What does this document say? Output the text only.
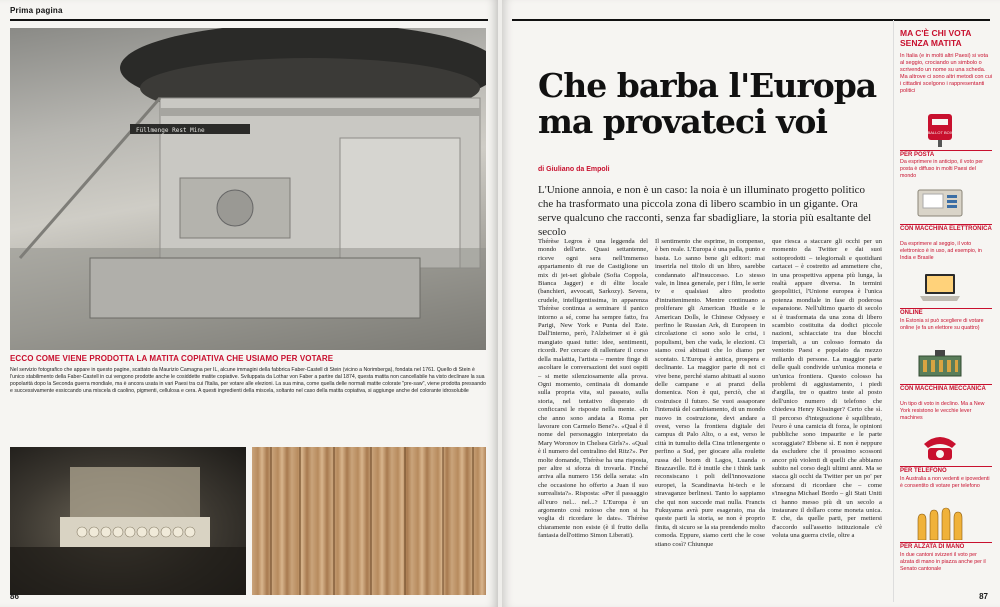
Prima pagina
Füllmenge Rest Mine
ECCO COME VIENE PRODOTTA LA MATITA COPIATIVA CHE USIAMO PER VOTARE
Nel servizio fotografico che appare in questo pagine, scattato da Maurizio Camagna per IL, alcune immagini della fabbrica Faber-Castell di Stein (vicino a Norimberga), fondata nel 1761. Quello di Stein è l'unico stabilimento della Faber-Castell in cui vengono prodotte anche le cosiddette matite copiative. Sviluppata da Lothar von Faber a partire dal 1874, questa matita non cancellabile ha visto declinare la sua popolarità dopo la Seconda guerra mondiale, ma è ancora usata in vari Paesi tra cui l'Italia, per votare alle elezioni. La sua mina, come quella delle normali matite colorate "pre-saw", viene prodotta pressando e successivamente essiccando una miscela di caolino, pigmenti, cellulosa e cera. A questi ingredienti della miscela, soltanto nel caso della matita copiativa, si aggiunge anche del colorante idrosolubile
86	87
Che barba l'Europa
ma provateci voi
di Giuliano da Empoli
L'Unione annoia, e non è un caso: la noia è un illuminato progetto politico che ha trasformato una piccola zona di libero scambio in un gigante. Ora serve qualcuno che racconti, senza far sbadigliare, la storia più esaltante del secolo
Thérèse Legros è una leggenda del mondo dell'arte. Quasi settantenne, riceve ogni sera nell'immenso appartamento di rue de Castiglione un mix di jet-set globale (Sofia Coppola, Bianca Jagger) e di élite locale (banchieri, avvocati, Sarkozy). Severa, crudele, intelligentissima, in apparenza Thérèse continua a seminare il panico intorno a sé, come ha sempre fatto, fra Parigi, New York e Punta del Este. Dall'interno, però, l'Alzheimer si è già mangiato quasi tutte: idee, sentimenti, ricordi. Per cercare di rallentare il corso della malattia, l'artista – mentre finge di ascoltare le conversazioni dei suoi ospiti – si mette silenziosamente alla prova. Ogni momento, centinaia di domande sulla propria vita, sul passato, sulla storia, nel tentativo disperato di conficcarsi le risposte nella mente. «In che anno sono andata a Roma per lavorare con Carmelo Bene?». «Qual è il nome del personaggio interpretato da Mary Woronov in Chelsea Girls?». «Qual è il numero del centralino del Ritz?». Per molte domande, Thérèse ha una risposta, per altre si sforza di trovarla. Finché arriva alla numero 156 della serata: «In che occasione ho offerto a Juan il suo surrealista?». Risposta: «Per il passaggio all'euro nel... nel...? L'Europa è un argomento così noioso che non si ha voglia di ricordare le date». Thérèse chiaramente non esiste (è il frutto della fantasia dell'ottimo Simon Liberati).
Il sentimento che esprime, in compenso, è ben reale. L'Europa è una palla, punto e basta. Lo sanno bene gli editori: mai inserirla nel titolo di un libro, sarebbe condannato all'insuccesso. Lo stesso vale, in linea generale, per i film, le serie tv e qualsiasi altro prodotto d'intrattenimento. Mentre continuano a proliferare gli American Hustle e le American Dolls, le Chinese Odyssey e perfino le Russian Ark, di Europeen in circolazione ci sono solo le crisi, i populismi, ben che vada, le elezioni. Ci siamo così abituati che lo diamo per scontato. L'Europa è antica, prospera e declinante. La maggior parte di noi ci vive bene, perché siamo abituati al suono delle campane e ai pranzi della domenica. Non è qui, perciò, che si costruisce il futuro. Se vuoi assaporare l'intensità del cambiamento, di un mondo nuovo in costruzione, devi andare a ovest, verso la frontiera digitale dei campus di Palo Alto, o a est, verso le città in tumulto della Cina trilenergente o perfino a Sud, per giocare alla roulette russa del boom di Lagos, Luanda o Brazzaville. Ed è inutile che i think tank reconsiscano i poli dell'innovazione europei, la Scandinavia hi-tech e le stravaganze berlinesi. Tanto lo sappiamo che qui non succede mai nulla. Francis Fukuyama avrà pure esagerato, ma da queste parti la storia, se non è proprio finita, di sicuro se la sta prendendo molto comoda. Eppure, siamo certi che le cose stiano così? Chiunque
que riesca a staccare gli occhi per un momento da Twitter e dai suoi sottoprodotti – telegiornali e quotidiani cartacei – è costretto ad ammettere che, in una prospettiva appena più lunga, la realtà appare diversa. In termini geopolitici, l'Unione europea è l'unica potenza mondiale in fase di poderosa espansione. Nell'ultimo quarto di secolo si è trasformata da una zona di libero scambio costituita da dodici piccole nazioni, schiacciate tra due blocchi imperiali, a un colosso formato da ventotto Paesi e popolato da mezzo miliardo di persone. La maggior parte delle quali condivide un'unica moneta e un'unica frontiera. Questo colosso ha problemi di aggiustamento, i piedi d'argilla, tre o quattro teste al posto dell'unico numero di telefono che chiedeva Henry Kissinger? Certo che sì. Il percorso d'integrazione è squilibrato, l'euro è una camicia di forza, le opinioni pubbliche sono impaurite e le parte scoraggiate? Ebbene sì. E non è neppure da escludere che il prossimo scossoni ancor più violenti di quelli che abbiamo subito nel corso degli ultimi anni. Ma se stacca gli occhi da Twitter per un po' per sforzarsi di ricordare che – come s'insegna Michael Bordo – gli Stati Uniti ci hanno messo più di un secolo a instaurare il dollaro come moneta unica. E che, da quelle parti, per mettersi d'accordo sull'assetto istituzionale c'è voluta una guerra civile, oltre a
MA C'È CHI VOTA SENZA MATITA
In Italia (e in molti altri Paesi) si vota al seggio, crociando un simbolo o scrivendo un nome su una scheda. Ma altrove ci sono altri metodi con cui i cittadini scelgono i rappresentanti politici
BALLOT BOX
PER POSTA
Da esprimere in anticipo, il voto per posta è diffuso in molti Paesi del mondo
CON MACCHINA ELETTRONICA
Da esprimere al seggio, il voto elettronico è in uso, ad esempio, in India e Brasile
ONLINE
In Estonia si può scegliere di votare online (e fa un elettore su quattro)
CON MACCHINA MECCANICA
Un tipo di voto in declino. Ma a New York resistono le vecchie lever machines
PER TELEFONO
In Australia a non vedenti e ipovedenti è consentito di votare per telefono
PER ALZATA DI MANO
In due cantoni svizzeri il voto per alzata di mano in piazza anche per il Senato cantonale
